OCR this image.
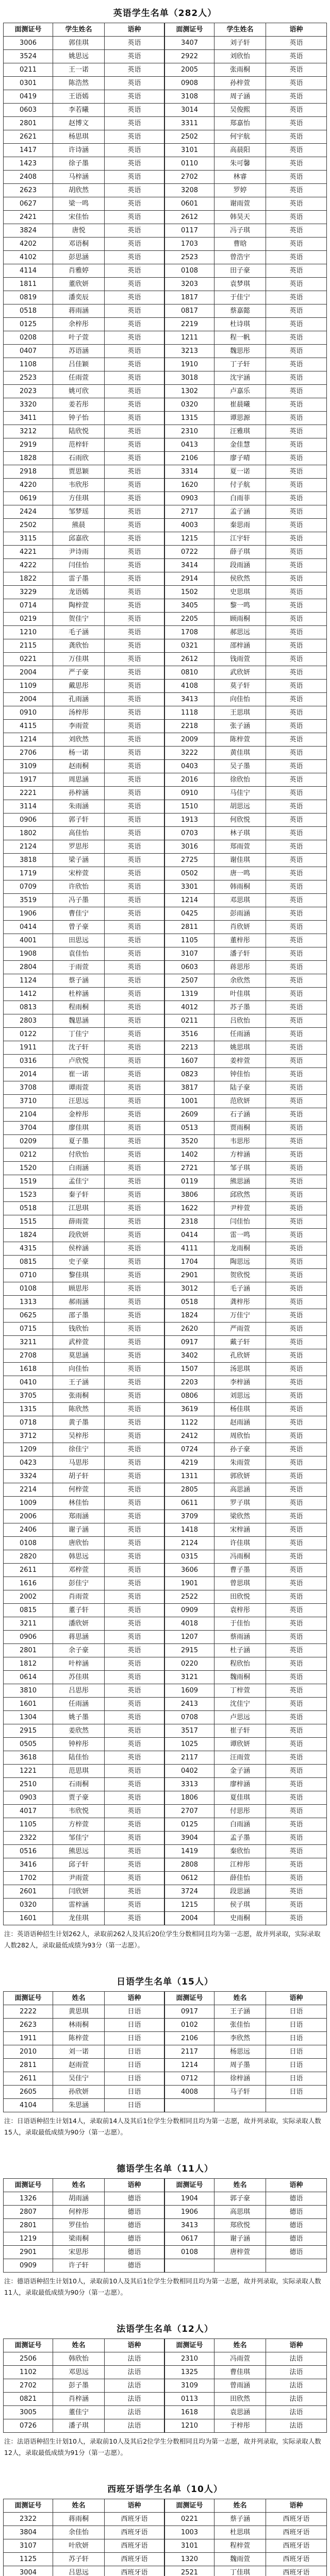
英语学生名单（282人）
面测证号	学生姓名	语种	面测证号	学生姓名	语种
3006	郭佳琪	英语	3407	刘子轩	英语
3524	姚思远	英语	2922	刘欣怡	英语
0211	王一诺	英语	2005	张雨桐	英语
0301	陈浩然	英语	0908	孙梓萱	英语
0419	王语嫣	英语	3108	周子涵	英语
0603	李若曦	英语	3014	吴俊熙	英语
2801	赵博文	英语	3311	郑嘉怡	英语
2621	杨思琪	英语	2502	何宇航	英语
1417	许诗涵	英语	3101	高晨阳	英语
1423	徐子墨	英语	0110	朱可馨	英语
2408	马梓涵	英语	2702	林睿	英语
2623	胡欣然	英语	3208	罗婷	英语
0627	梁一鸣	英语	0601	谢雨萱	英语
2421	宋佳怡	英语	2612	韩昊天	英语
3824	唐悦	英语	0117	冯子琪	英语
4202	邓语桐	英语	1703	曹晗	英语
4102	彭思涵	英语	2523	曾浩宇	英语
4114	肖雅婷	英语	0108	田子豪	英语
1811	董欣妍	英语	3203	袁梦琪	英语
0819	潘奕辰	英语	1817	于佳宁	英语
0518	蒋雨涵	英语	0817	蔡嘉懿	英语
0125	余梓彤	英语	2219	杜诗琪	英语
0208	叶子萱	英语	1211	程一帆	英语
0407	苏语涵	英语	3213	魏思彤	英语
1108	吕佳颖	英语	1910	丁子轩	英语
2523	任雨萱	英语	3018	沈宇涵	英语
2023	姚可欣	英语	1302	卢嘉乐	英语
3320	姜若彤	英语	0320	崔晨曦	英语
3411	钟子怡	英语	1315	谭思源	英语
3212	陆欣悦	英语	2310	汪雅琪	英语
2919	范梓轩	英语	0413	金佳慧	英语
1828	石雨欣	英语	2106	廖子晴	英语
2918	贾思颖	英语	3314	夏一诺	英语
4220	韦欣彤	英语	1620	付子航	英语
0619	方佳琪	英语	0903	白雨菲	英语
2424	邹梦瑶	英语	2717	孟子涵	英语
2502	熊晨	英语	4003	秦思雨	英语
3115	邱嘉欣	英语	1215	江宇轩	英语
4221	尹诗雨	英语	0722	薛子琪	英语
4222	闫佳怡	英语	3414	段雨涵	英语
1822	雷子墨	英语	2914	侯欣然	英语
3229	龙语嫣	英语	1502	史思琪	英语
0714	陶梓萱	英语	3405	黎一鸣	英语
0219	贺佳宁	英语	2205	顾雨桐	英语
1210	毛子涵	英语	1708	郝思远	英语
2115	龚欣怡	英语	0321	邵梓涵	英语
0221	万佳琪	英语	2612	钱雨萱	英语
2004	严子豪	英语	0810	武欣妍	英语
1109	戴思彤	英语	4108	莫子轩	英语
2004	孔雨涵	英语	3413	向佳怡	英语
0910	汤梓彤	英语	1118	王思琪	英语
4115	李雨萱	英语	2218	张子涵	英语
1214	刘欣然	英语	2009	陈梓萱	英语
2706	杨一诺	英语	3222	黄佳琪	英语
3109	赵雨桐	英语	0403	吴子墨	英语
1917	周思涵	英语	2016	徐欣怡	英语
2221	孙梓涵	英语	0910	马佳宁	英语
3114	朱雨涵	英语	1510	胡思远	英语
0906	郭子轩	英语	1913	何欣悦	英语
1802	高佳怡	英语	0703	林子琪	英语
2124	罗思彤	英语	3016	郑雨萱	英语
3818	梁子涵	英语	2725	谢佳琪	英语
1719	宋梓萱	英语	0502	唐一鸣	英语
0709	许欣怡	英语	3301	韩雨桐	英语
3519	冯子墨	英语	1214	邓思琪	英语
1906	曹佳宁	英语	0425	彭雨涵	英语
0414	曾子豪	英语	2811	肖欣妍	英语
4001	田思远	英语	1105	董梓彤	英语
1908	袁佳怡	英语	3107	潘子轩	英语
2804	于雨萱	英语	0603	蒋思彤	英语
1124	蔡子涵	英语	2507	余欣然	英语
1412	杜梓涵	英语	1319	叶佳琪	英语
0813	程雨桐	英语	4012	苏子墨	英语
2803	魏思涵	英语	0211	吕欣怡	英语
0122	丁佳宁	英语	3516	任雨涵	英语
1911	沈子轩	英语	2213	姚思琪	英语
0316	卢欣悦	英语	1607	姜梓萱	英语
2014	崔一诺	英语	0823	钟佳怡	英语
3708	谭雨萱	英语	3817	陆子豪	英语
3710	汪思远	英语	1001	范欣妍	英语
2104	金梓彤	英语	2609	石子涵	英语
3704	廖佳琪	英语	0513	贾雨桐	英语
0209	夏子墨	英语	3520	韦思彤	英语
0212	付欣怡	英语	1402	方梓涵	英语
1520	白雨涵	英语	2721	邹子琪	英语
1519	孟佳宁	英语	0119	熊思涵	英语
1523	秦子轩	英语	3806	邱欣然	英语
0518	江思琪	英语	1622	尹梓萱	英语
1515	薛雨萱	英语	2318	闫佳怡	英语
1824	段欣妍	英语	0414	雷一鸣	英语
4315	侯梓涵	英语	4111	龙雨桐	英语
0815	史子豪	英语	1704	陶思远	英语
0710	黎佳琪	英语	2901	贺欣悦	英语
0108	顾思彤	英语	3012	毛子涵	英语
1313	郝雨涵	英语	0518	龚梓彤	英语
0625	邵子墨	英语	1824	万佳宁	英语
0715	钱欣怡	英语	2620	严雨萱	英语
3211	武梓萱	英语	0917	戴子轩	英语
2708	莫思涵	英语	3402	孔欣妍	英语
1618	向佳怡	英语	1507	汤思琪	英语
0410	王子涵	英语	2203	李梓涵	英语
3705	张雨桐	英语	0806	刘思远	英语
1315	陈欣然	英语	3619	杨佳琪	英语
0718	黄子墨	英语	1122	赵雨涵	英语
3712	吴梓彤	英语	2412	周欣怡	英语
1209	徐佳宁	英语	0724	孙子豪	英语
0423	马思彤	英语	4219	朱雨萱	英语
3324	胡子轩	英语	1311	郭欣妍	英语
2214	何梓萱	英语	2805	高思涵	英语
1009	林佳怡	英语	0611	罗子琪	英语
2006	郑雨涵	英语	3709	梁欣然	英语
2406	谢子涵	英语	1418	宋梓涵	英语
0108	唐欣怡	英语	2124	许佳琪	英语
2820	韩思远	英语	0315	冯雨桐	英语
2611	邓梓萱	英语	3606	曹子墨	英语
1616	彭佳宁	英语	1901	曾思琪	英语
2002	肖雨萱	英语	2522	田欣悦	英语
0815	董子轩	英语	0909	袁梓彤	英语
3211	潘欣妍	英语	4018	于佳怡	英语
0906	蒋思涵	英语	1207	蔡雨涵	英语
2801	余子豪	英语	2915	杜子涵	英语
1812	叶梓涵	英语	0220	程欣怡	英语
0614	苏佳琪	英语	3121	魏雨桐	英语
3810	吕思彤	英语	1609	丁梓萱	英语
1601	任雨涵	英语	2413	沈佳宁	英语
1304	姚子墨	英语	0708	卢思远	英语
2915	姜欣然	英语	3517	崔子轩	英语
0505	钟梓彤	英语	1025	谭欣妍	英语
3618	陆佳怡	英语	2117	汪雨萱	英语
1221	范思琪	英语	0402	金子涵	英语
2510	石雨桐	英语	3313	廖梓涵	英语
0903	贾子豪	英语	1806	夏佳琪	英语
4017	韦欣悦	英语	2707	付思彤	英语
1105	方梓萱	英语	0125	白雨涵	英语
2322	邹佳宁	英语	3904	孟子墨	英语
0516	熊思远	英语	1419	秦欣怡	英语
3416	邱子轩	英语	2808	江梓彤	英语
1702	尹雨萱	英语	0612	薛佳怡	英语
2601	闫欣妍	英语	3724	段思涵	英语
0320	雷梓涵	英语	1215	侯子琪	英语
1601	龙佳琪	英语	2004	史雨桐	英语

注：英语语种招生计划262人，录取前262人及其后20位学生分数相同且均为第一志愿，故并列录取，实际录取人数282人，录取最低成绩为93分（第一志愿）。

日语学生名单（15人）
面测证号	姓名	语种	面测证号	姓名	语种
2222	黄思琪	日语	0917	王子涵	日语
2623	林雨桐	日语	0102	张佳怡	日语
1911	陈梓萱	日语	2106	李欣然	日语
2010	刘一诺	日语	2117	杨思远	日语
2811	赵雨萱	日语	1214	周子墨	日语
2611	吴佳宁	日语	0712	徐梓涵	日语
2605	孙欣妍	日语	4008	马子轩	日语
4104	朱思涵	日语

注：日语语种招生计划14人，录取前14人及其后1位学生分数相同且均为第一志愿，故并列录取，实际录取人数15人，录取最低成绩为90分（第一志愿）。

德语学生名单（11人）
面测证号	姓名	语种	面测证号	姓名	语种
1326	胡雨涵	德语	1904	郭子豪	德语
2807	何梓彤	德语	1906	高思琪	德语
2801	罗佳怡	德语	3413	郑欣悦	德语
1219	梁雨桐	德语	0617	谢子涵	德语
2901	宋思彤	德语	0108	唐梓萱	德语
0909	许子轩	德语

注：德语语种招生计划10人，录取前10人及其后1位学生分数相同且均为第一志愿，故并列录取，实际录取人数11人，录取最低成绩为90分（第一志愿）。

法语学生名单（12人）
面测证号	姓名	语种	面测证号	姓名	语种
2506	韩欣怡	法语	2310	冯雨萱	法语
1102	邓思远	法语	1325	曹佳琪	法语
2702	彭子墨	法语	3109	曾雨涵	法语
0821	肖梓涵	法语	0113	田欣然	法语
3005	董佳宁	法语	1618	袁思涵	法语
0726	潘子琪	法语	1210	于梓彤	法语

注：法语语种招生计划10人，录取前10人及其后2位学生分数相同且均为第一志愿，故并列录取，实际录取人数12人，录取最低成绩为91分（第一志愿）。

西班牙语学生名单（10人）
面测证号	姓名	语种	面测证号	姓名	语种
2322	蒋雨桐	西班牙语	0221	蔡子涵	西班牙语
3804	余佳怡	西班牙语	1003	杜思琪	西班牙语
3107	叶欣妍	西班牙语	3101	程梓萱	西班牙语
1125	苏子轩	西班牙语	1320	魏雨萱	西班牙语
3004	吕思远	西班牙语	2521	丁佳琪	西班牙语
